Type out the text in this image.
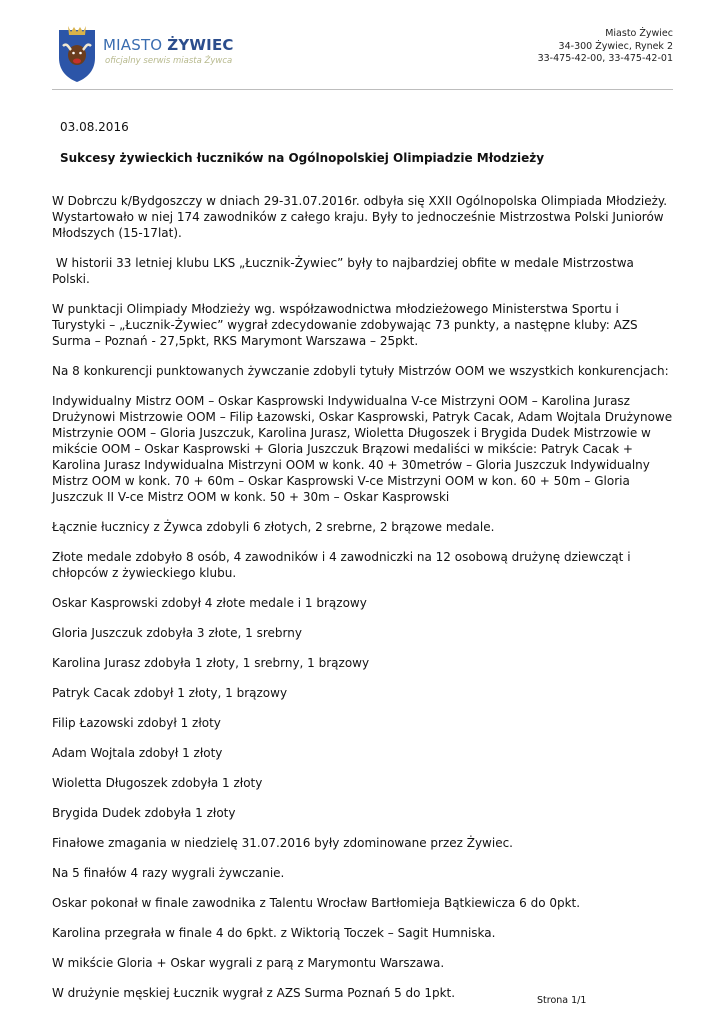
MIASTO ŻYWIEC
oficjalny serwis miasta Żywca
Miasto Żywiec
34-300 Żywiec, Rynek 2
33-475-42-00, 33-475-42-01
03.08.2016
Sukcesy żywieckich łuczników na Ogólnopolskiej Olimpiadzie Młodzieży

W Dobrczu k/Bydgoszczy w dniach 29-31.07.2016r. odbyła się XXII Ogólnopolska Olimpiada Młodzieży. Wystartowało w niej 174 zawodników z całego kraju. Były to jednocześnie Mistrzostwa Polski Juniorów Młodszych (15-17lat).

W historii 33 letniej klubu LKS „Łucznik-Żywiec” były to najbardziej obfite w medale Mistrzostwa Polski.

W punktacji Olimpiady Młodzieży wg. współzawodnictwa młodzieżowego Ministerstwa Sportu i Turystyki – „Łucznik-Żywiec” wygrał zdecydowanie zdobywając 73 punkty, a następne kluby: AZS Surma – Poznań - 27,5pkt, RKS Marymont Warszawa – 25pkt.

Na 8 konkurencji punktowanych żywczanie zdobyli tytuły Mistrzów OOM we wszystkich konkurencjach:

Indywidualny Mistrz OOM – Oskar Kasprowski Indywidualna V-ce Mistrzyni OOM – Karolina Jurasz Drużynowi Mistrzowie OOM – Filip Łazowski, Oskar Kasprowski, Patryk Cacak, Adam Wojtala Drużynowe Mistrzynie OOM – Gloria Juszczuk, Karolina Jurasz, Wioletta Długoszek i Brygida Dudek Mistrzowie w mikście OOM – Oskar Kasprowski + Gloria Juszczuk Brązowi medaliści w mikście: Patryk Cacak + Karolina Jurasz Indywidualna Mistrzyni OOM w konk. 40 + 30metrów – Gloria Juszczuk Indywidualny Mistrz OOM w konk. 70 + 60m – Oskar Kasprowski V-ce Mistrzyni OOM w kon. 60 + 50m – Gloria Juszczuk II V-ce Mistrz OOM w konk. 50 + 30m – Oskar Kasprowski

Łącznie łucznicy z Żywca zdobyli 6 złotych, 2 srebrne, 2 brązowe medale.

Złote medale zdobyło 8 osób, 4 zawodników i 4 zawodniczki na 12 osobową drużynę dziewcząt i chłopców z żywieckiego klubu.

Oskar Kasprowski zdobył 4 złote medale i 1 brązowy

Gloria Juszczuk zdobyła 3 złote, 1 srebrny

Karolina Jurasz zdobyła 1 złoty, 1 srebrny, 1 brązowy

Patryk Cacak zdobył 1 złoty, 1 brązowy

Filip Łazowski zdobył 1 złoty

Adam Wojtala zdobył 1 złoty

Wioletta Długoszek zdobyła 1 złoty

Brygida Dudek zdobyła 1 złoty

Finałowe zmagania w niedzielę 31.07.2016 były zdominowane przez Żywiec.

Na 5 finałów 4 razy wygrali żywczanie.

Oskar pokonał w finale zawodnika z Talentu Wrocław Bartłomieja Bątkiewicza 6 do 0pkt.

Karolina przegrała w finale 4 do 6pkt. z Wiktorią Toczek – Sagit Humniska.

W mikście Gloria + Oskar wygrali z parą z Marymontu Warszawa.

W drużynie męskiej Łucznik wygrał z AZS Surma Poznań 5 do 1pkt.

Strona 1/1
